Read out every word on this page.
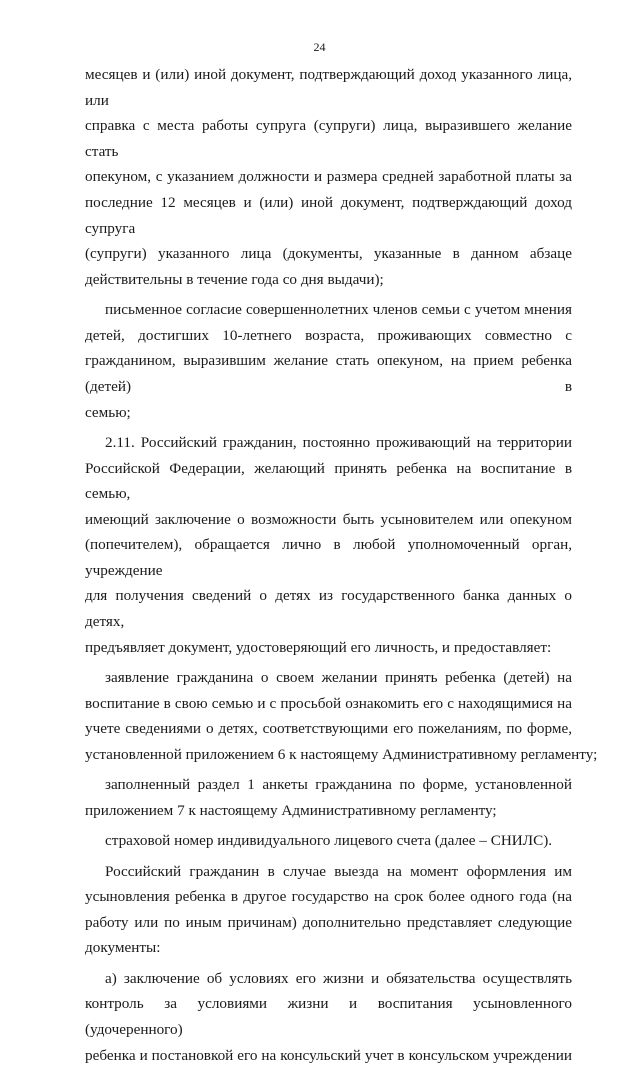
24
месяцев и (или) иной документ, подтверждающий доход указанного лица, или
справка с места работы супруга (супруги) лица, выразившего желание стать
опекуном, с указанием должности и размера средней заработной платы за
последние 12 месяцев и (или) иной документ, подтверждающий доход супруга
(супруги) указанного лица (документы, указанные в данном абзаце
действительны в течение года со дня выдачи);
письменное согласие совершеннолетних членов семьи с учетом мнения
детей, достигших 10-летнего возраста, проживающих совместно с
гражданином, выразившим желание стать опекуном, на прием ребенка (детей) в
семью;
2.11. Российский гражданин, постоянно проживающий на территории
Российской Федерации, желающий принять ребенка на воспитание в семью,
имеющий заключение о возможности быть усыновителем или опекуном
(попечителем), обращается лично в любой уполномоченный орган, учреждение
для получения сведений о детях из государственного банка данных о детях,
предъявляет документ, удостоверяющий его личность, и предоставляет:
заявление гражданина о своем желании принять ребенка (детей) на
воспитание в свою семью и с просьбой ознакомить его с находящимися на
учете сведениями о детях, соответствующими его пожеланиям, по форме,
установленной приложением 6 к настоящему Административному регламенту;
заполненный раздел 1 анкеты гражданина по форме, установленной
приложением 7 к настоящему Административному регламенту;
страховой номер индивидуального лицевого счета (далее – СНИЛС).
Российский гражданин в случае выезда на момент оформления им
усыновления ребенка в другое государство на срок более одного года (на
работу или по иным причинам) дополнительно представляет следующие
документы:
а) заключение об условиях его жизни и обязательства осуществлять
контроль за условиями жизни и воспитания усыновленного (удочеренного)
ребенка и постановкой его на консульский учет в консульском учреждении
